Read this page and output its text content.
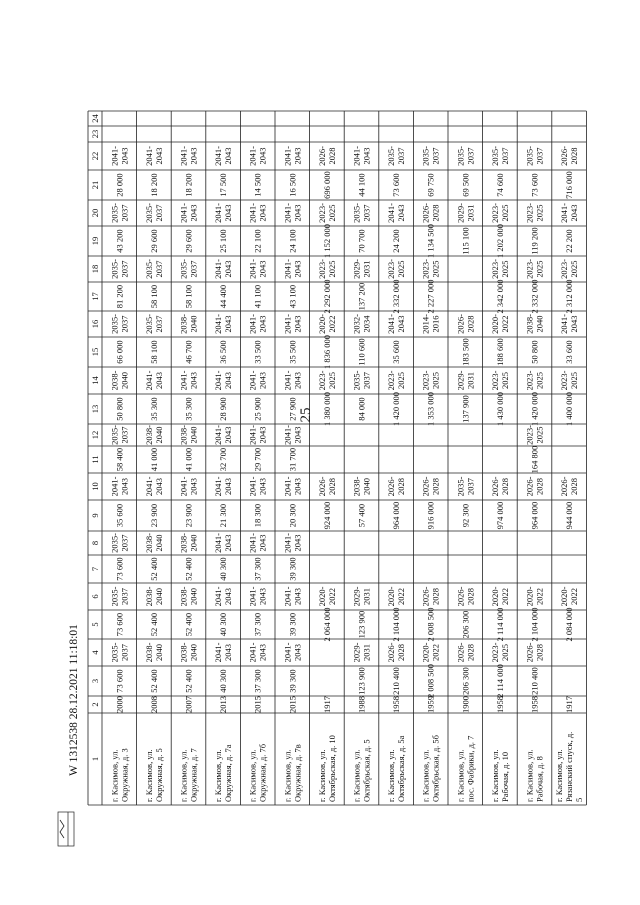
25
1
2
3
4
5
6
7
8
9
10
11
12
13
14
15
16
17
18
19
20
21
22
23
24
г. Касимов, ул. Окружная, д. 3
2000
73 600
2035- 2037
73 600
2035- 2037
73 600
2035- 2037
35 600
2041- 2043
58 400
2035- 2037
50 800
2038- 2040
66 000
2035- 2037
81 200
2035- 2037
43 200
2035- 2037
28 000
2041- 2043
г. Касимов, ул. Окружная, д. 5
2008
52 400
2038- 2040
52 400
2038- 2040
52 400
2038- 2040
23 900
2041- 2043
41 000
2038- 2040
35 300
2041- 2043
58 100
2035- 2037
58 100
2035- 2037
29 600
2035- 2037
18 200
2041- 2043
г. Касимов, ул. Окружная, д. 7
2007
52 400
2038- 2040
52 400
2038- 2040
52 400
2038- 2040
23 900
2041- 2043
41 000
2038- 2040
35 300
2041- 2043
46 700
2038- 2040
58 100
2035- 2037
29 600
2041- 2043
18 200
2041- 2043
г. Касимов, ул. Окружная, д. 7а
2013
40 300
2041- 2043
40 300
2041- 2043
40 300
2041- 2043
21 300
2041- 2043
32 700
2041- 2043
28 900
2041- 2043
36 500
2041- 2043
44 400
2041- 2043
25 100
2041- 2043
17 500
2041- 2043
г. Касимов, ул. Окружная, д. 7б
2015
37 300
2041- 2043
37 300
2041- 2043
37 300
2041- 2043
18 300
2041- 2043
29 700
2041- 2043
25 900
2041- 2043
33 500
2041- 2043
41 100
2041- 2043
22 100
2041- 2043
14 500
2041- 2043
г. Касимов, ул. Окружная, д. 7в
2015
39 300
2041- 2043
39 300
2041- 2043
39 300
2041- 2043
20 300
2041- 2043
31 700
2041- 2043
27 900
2041- 2043
35 500
2041- 2043
43 100
2041- 2043
24 100
2041- 2043
16 500
2041- 2043
г. Касимов, ул. Октябрьская, д. 10
1917
2 064 000
2020- 2022
924 000
2026- 2028
1 380 000
2023- 2025
1 836 000
2020- 2022
2 292 000
2023- 2025
1 152 000
2023- 2025
696 000
2026- 2028
г. Касимов, ул. Октябрьская, д. 5
1988
123 900
2029- 2031
123 900
2029- 2031
57 400
2038- 2040
84 000
2035- 2037
110 600
2032- 2034
137 200
2029- 2031
70 700
2035- 2037
44 100
2041- 2043
г. Касимов, ул. Октябрьская, д. 5а
1958
210 400
2026- 2028
2 104 000
2020- 2022
964 000
2026- 2028
1 420 000
2023- 2025
35 600
2041- 2043
2 332 000
2023- 2025
24 200
2041- 2043
73 600
2035- 2037
г. Касимов, ул. Октябрьская, д. 5б
1959
2 008 500
2020- 2022
2 008 500
2026- 2028
916 000
2026- 2028
1 353 000
2023- 2025
2014- 2016
2 227 000
2023- 2025
1 134 500
2026- 2028
69 750
2035- 2037
г. Касимов, ул. пос. Фабрики, д. 7
1900
206 300
2026- 2028
206 300
2026- 2028
92 300
2035- 2037
137 900
2029- 2031
183 500
2026- 2028
115 100
2029- 2031
69 500
2035- 2037
г. Касимов, ул. Рабочая, д. 10
1958
2 114 000
2023- 2025
2 114 000
2020- 2022
974 000
2026- 2028
1 430 000
2023- 2025
188 600
2020- 2022
2 342 000
2023- 2025
1 202 000
2023- 2025
74 600
2035- 2037
г. Касимов, ул. Рабочая, д. 8
1958
210 400
2026- 2028
2 104 000
2020- 2022
964 000
2026- 2028
164 800
2023- 2025
1 420 000
2023- 2025
50 800
2038- 2040
2 332 000
2023- 2025
119 200
2023- 2025
73 600
2035- 2037
г. Касимов, ул. Рязанский спуск, д. 5
1917
2 084 000
2020- 2022
944 000
2026- 2028
1 400 000
2023- 2025
33 600
2041- 2043
2 312 000
2023- 2025
22 200
2041- 2043
716 000
2026- 2028
W 1312538 28.12.2021 11:18:01
